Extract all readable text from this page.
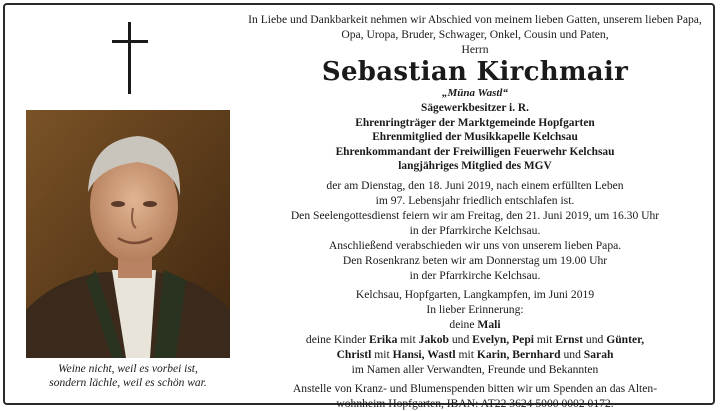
Weine nicht, weil es vorbei ist,
sondern lächle, weil es schön war.

In Liebe und Dankbarkeit nehmen wir Abschied von meinem lieben Gatten, unserem lieben Papa, Opa, Uropa, Bruder, Schwager, Onkel, Cousin und Paten,

Herrn

Sebastian Kirchmair

„Müna Wastl“

Sägewerkbesitzer i. R.

Ehrenringträger der Marktgemeinde Hopfgarten

Ehrenmitglied der Musikkapelle Kelchsau

Ehrenkommandant der Freiwilligen Feuerwehr Kelchsau

langjähriges Mitglied des MGV

der am Dienstag, den 18. Juni 2019, nach einem erfüllten Leben

im 97. Lebensjahr friedlich entschlafen ist.

Den Seelengottesdienst feiern wir am Freitag, den 21. Juni 2019, um 16.30 Uhr

in der Pfarrkirche Kelchsau.

Anschließend verabschieden wir uns von unserem lieben Papa.

Den Rosenkranz beten wir am Donnerstag um 19.00 Uhr

in der Pfarrkirche Kelchsau.

Kelchsau, Hopfgarten, Langkampfen, im Juni 2019

In lieber Erinnerung:

deine Mali

deine Kinder Erika mit Jakob und Evelyn, Pepi mit Ernst und Günter,

Christl mit Hansi, Wastl mit Karin, Bernhard und Sarah

im Namen aller Verwandten, Freunde und Bekannten

Anstelle von Kranz- und Blumenspenden bitten wir um Spenden an das Alten-

wohnheim Hopfgarten, IBAN: AT22 3624 5000 0002 0172.
